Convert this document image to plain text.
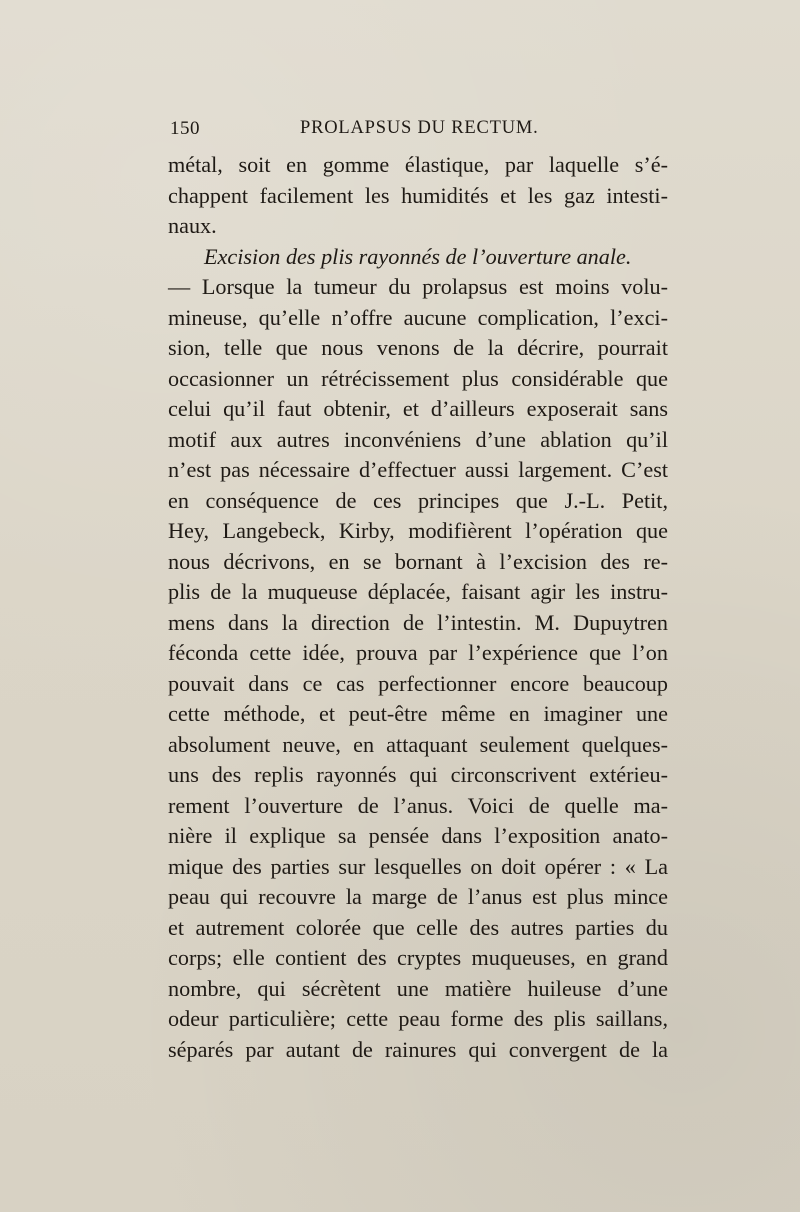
150	PROLAPSUS DU RECTUM.
métal, soit en gomme élastique, par laquelle s’é-
chappent facilement les humidités et les gaz intesti-
naux.
Excision des plis rayonnés de l’ouverture anale.
— Lorsque la tumeur du prolapsus est moins volu-
mineuse, qu’elle n’offre aucune complication, l’exci-
sion, telle que nous venons de la décrire, pourrait
occasionner un rétrécissement plus considérable que
celui qu’il faut obtenir, et d’ailleurs exposerait sans
motif aux autres inconvéniens d’une ablation qu’il
n’est pas nécessaire d’effectuer aussi largement. C’est
en conséquence de ces principes que J.-L. Petit,
Hey, Langebeck, Kirby, modifièrent l’opération que
nous décrivons, en se bornant à l’excision des re-
plis de la muqueuse déplacée, faisant agir les instru-
mens dans la direction de l’intestin. M. Dupuytren
féconda cette idée, prouva par l’expérience que l’on
pouvait dans ce cas perfectionner encore beaucoup
cette méthode, et peut-être même en imaginer une
absolument neuve, en attaquant seulement quelques-
uns des replis rayonnés qui circonscrivent extérieu-
rement l’ouverture de l’anus. Voici de quelle ma-
nière il explique sa pensée dans l’exposition anato-
mique des parties sur lesquelles on doit opérer : « La
peau qui recouvre la marge de l’anus est plus mince
et autrement colorée que celle des autres parties du
corps; elle contient des cryptes muqueuses, en grand
nombre, qui sécrètent une matière huileuse d’une
odeur particulière; cette peau forme des plis saillans,
séparés par autant de rainures qui convergent de la
